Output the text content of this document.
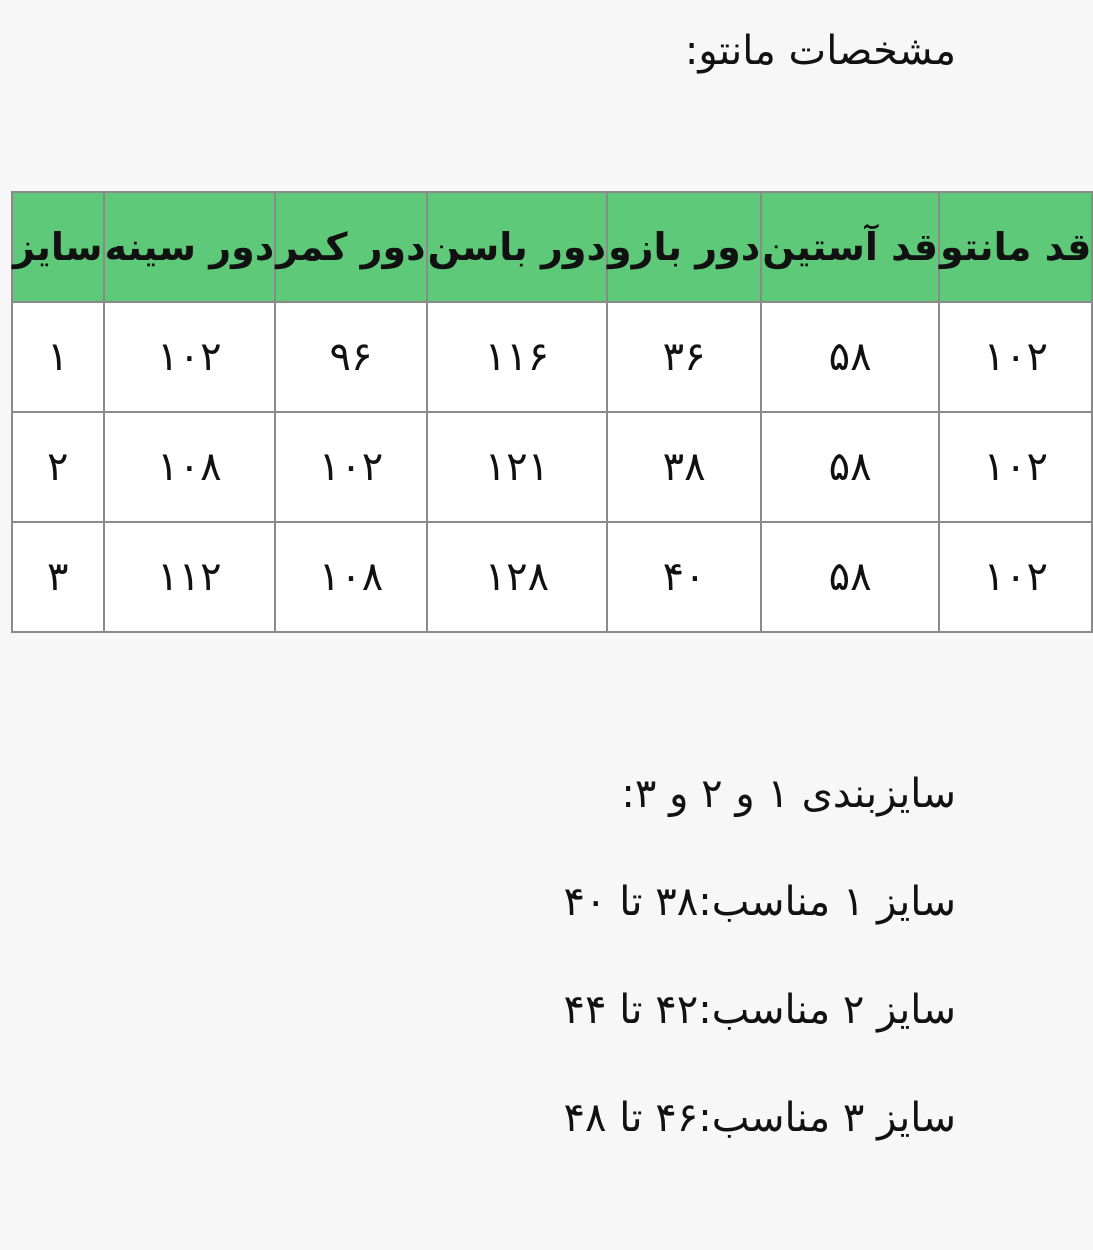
مشخصات مانتو:
قد مانتو	قد آستین	دور بازو	دور باسن	دور کمر	دور سینه	سایز
۱۰۲	۵۸	۳۶	۱۱۶	۹۶	۱۰۲	۱
۱۰۲	۵۸	۳۸	۱۲۱	۱۰۲	۱۰۸	۲
۱۰۲	۵۸	۴۰	۱۲۸	۱۰۸	۱۱۲	۳
سایزبندی ۱ و ۲ و ۳:
سایز ۱ مناسب:۳۸ تا ۴۰
سایز ۲ مناسب:۴۲ تا ۴۴
سایز ۳ مناسب:۴۶ تا ۴۸
